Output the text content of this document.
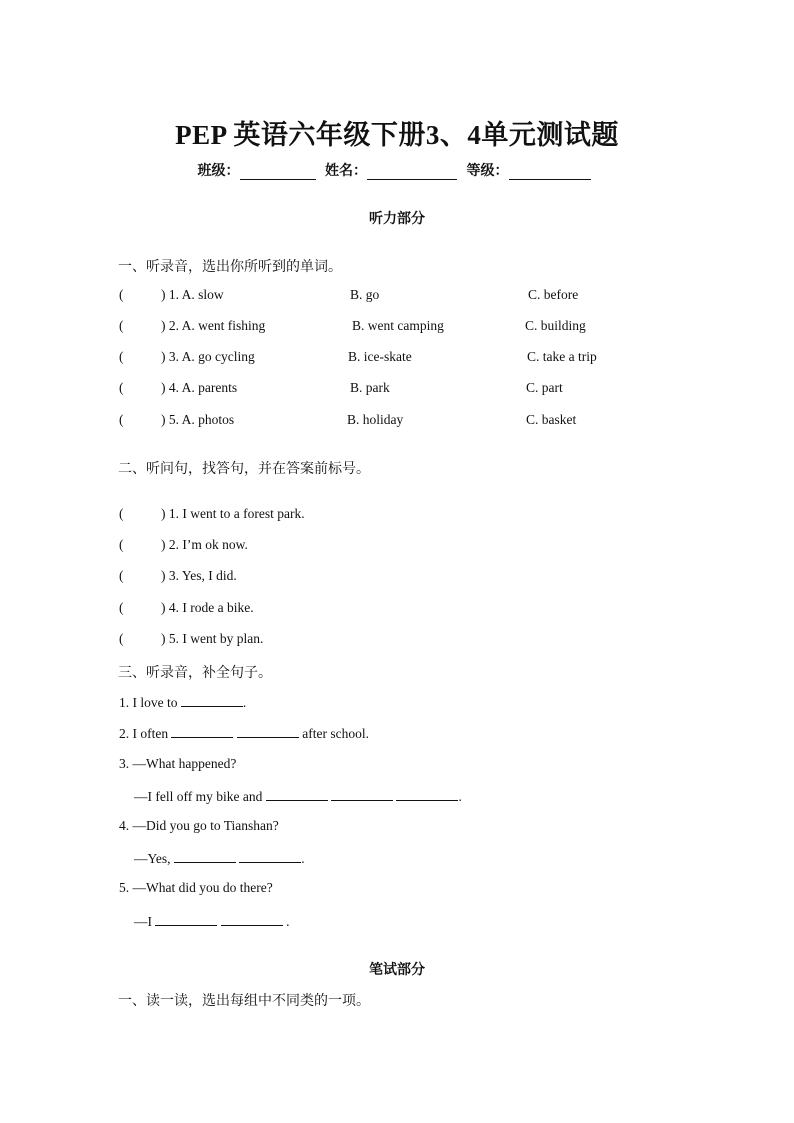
PEP 英语六年级下册3、4单元测试题
班级：	姓名：	等级：
听力部分
一、听录音，选出你所听到的单词。
(	) 1. A. slow	B. go	C. before
(	) 2. A. went fishing	B. went camping	C. building
(	) 3. A. go cycling	B. ice-skate	C. take a trip
(	) 4. A. parents	B. park	C. part
(	) 5. A. photos	B. holiday	C. basket
二、听问句，找答句，并在答案前标号。
(	) 1. I went to a forest park.
(	) 2. I’m ok now.
(	) 3. Yes, I did.
(	) 4. I rode a bike.
(	) 5. I went by plan.
三、听录音，补全句子。
1. I love to	.
2. I often	after school.
3. —What happened?
—I fell off my bike and	.
4. —Did you go to Tianshan?
—Yes,	.
5. —What did you do there?
—I	.
笔试部分
一、读一读，选出每组中不同类的一项。
